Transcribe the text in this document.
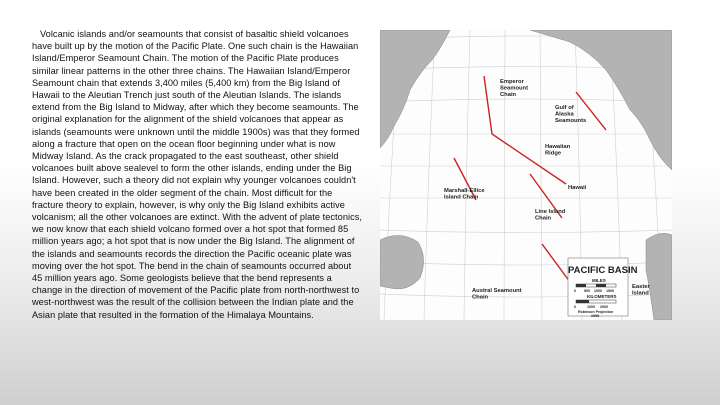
Volcanic islands and/or seamounts that consist of basaltic shield volcanoes have built up by the motion of the Pacific Plate. One such chain is the Hawaiian Island/Emperor Seamount Chain. The motion of the Pacific Plate produces similar linear patterns in the other three chains. The Hawaiian Island/Emperor Seamount chain that extends 3,400 miles (5,400 km) from the Big Island of Hawaii to the Aleutian Trench just south of the Aleutian Islands. The islands extend from the Big Island to Midway, after which they become seamounts. The original explanation for the alignment of the shield volcanoes that appear as islands (seamounts were unknown until the middle 1900s) was that they formed along a fracture that open on the ocean floor beginning under what is now Midway Island. As the crack propagated to the east southeast, other shield volcanoes built above sealevel to form the other islands, ending under the Big Island. However, such a theory did not explain why younger volcanoes couldn't have been created in the older segment of the chain. Most difficult for the fracture theory to explain, however, is why only the Big Island exhibits active volcanism; all the other volcanoes are extinct. With the advent of plate tectonics, we now know that each shield volcano formed over a hot spot that formed 85 million years ago; a hot spot that is now under the Big Island. The alignment of the islands and seamounts records the direction the Pacific oceanic plate was moving over the hot spot. The bend in the chain of seamounts occurred about 45 million years ago. Some geologists believe that the bend represents a change in the direction of movement of the Pacific plate from north-northwest to west-northwest was the result of the collision between the Indian plate and the Asian plate that resulted in the formation of the Himalaya Mountains.
Emperor Seamount Chain
Gulf of Alaska Seamounts
Hawaiian Ridge
Hawaii
Marshall-Ellice Island Chain
Line Island Chain
Austral Seamount Chain
Easter Island
PACIFIC BASIN
MILES
0 500 1000 1500
KILOMETERS
0	1000 2000
Robinson Projection 1998
